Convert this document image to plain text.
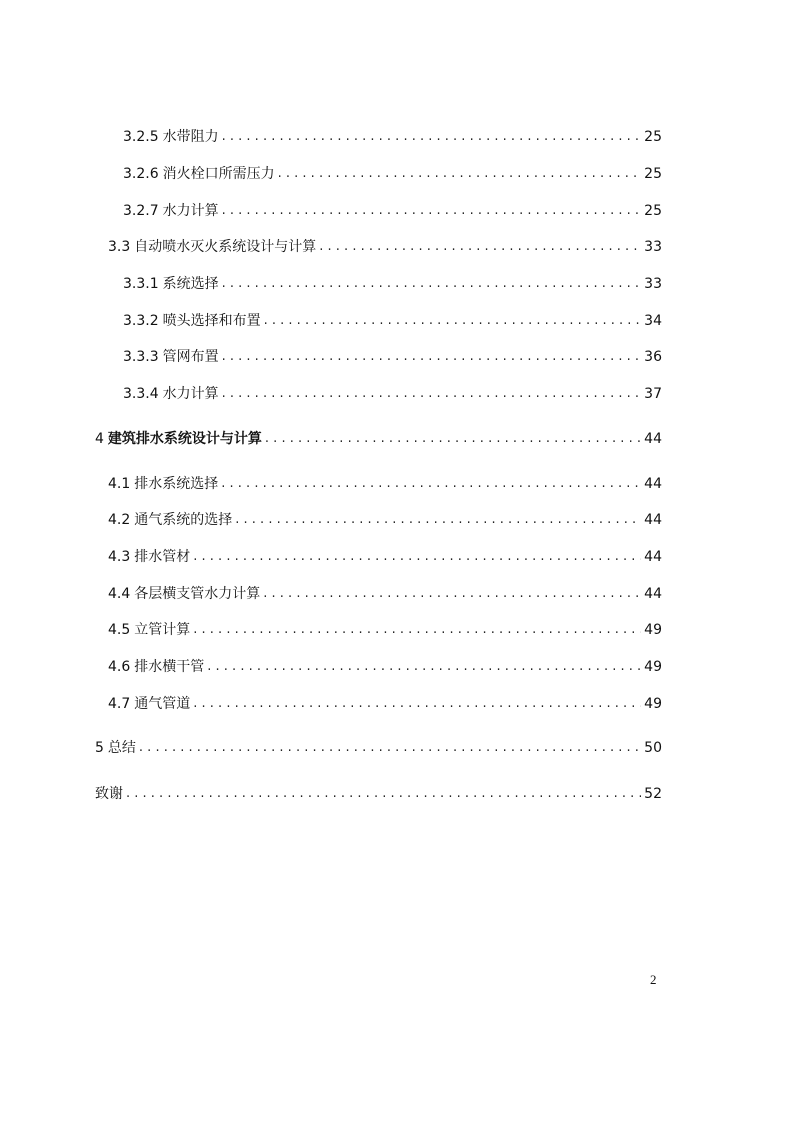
3.2.5 水带阻力 . . .	25
3.2.6 消火栓口所需压力 . . .	25
3.2.7 水力计算 . . .	25
3.3 自动喷水灭火系统设计与计算 . . .	33
3.3.1 系统选择 . . .	33
3.3.2 喷头选择和布置 . . .	34
3.3.3 管网布置 . . .	36
3.3.4 水力计算 . . .	37
4 建筑排水系统设计与计算 . . .	44
4.1 排水系统选择 . . .	44
4.2 通气系统的选择 . . .	44
4.3 排水管材 . . .	44
4.4 各层横支管水力计算 . . .	44
4.5 立管计算 . . .	49
4.6 排水横干管 . . .	49
4.7 通气管道 . . .	49
5 总结 . . .	50
致谢 . . .	52
2
